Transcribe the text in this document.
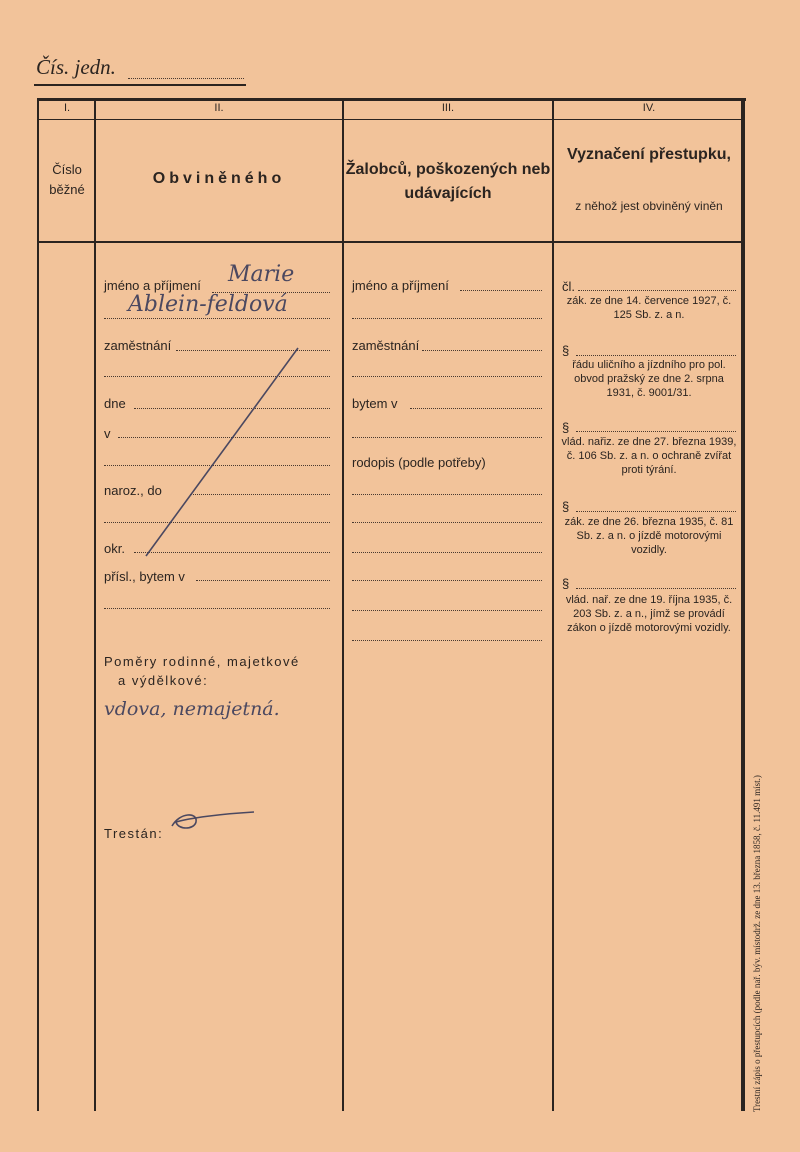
Čís. jedn.
I.	II.	III.	IV.
Číslo běžné
Obviněného
Žalobců, poškozených neb udávajících
Vyznačení přestupku,
z něhož jest obviněný viněn
jméno a příjmení Marie
Ablein-feldová
zaměstnání
dne
v
naroz., do
okr.
přísl., bytem v
Poměry rodinné, majetkové
a výdělkové:
vdova, nemajetná.
Trestán:
jméno a příjmení
zaměstnání
bytem v
rodopis (podle potřeby)
čl.
zák. ze dne 14. července 1927, č. 125 Sb. z. a n.
§
řádu uličního a jízdního pro pol. obvod pražský ze dne 2. srpna 1931, č. 9001/31.
§
vlád. nařiz. ze dne 27. března 1939, č. 106 Sb. z. a n. o ochraně zvířat proti týrání.
§
zák. ze dne 26. března 1935, č. 81 Sb. z. a n. o jízdě motorovými vozidly.
§
vlád. nař. ze dne 19. října 1935, č. 203 Sb. z. a n., jímž se provádí zákon o jízdě motorovými vozidly.
Trestní zápis o přestupcích (podle nař. býv. místodrž. ze dne 13. března 1858, č. 11.491 míst.)
